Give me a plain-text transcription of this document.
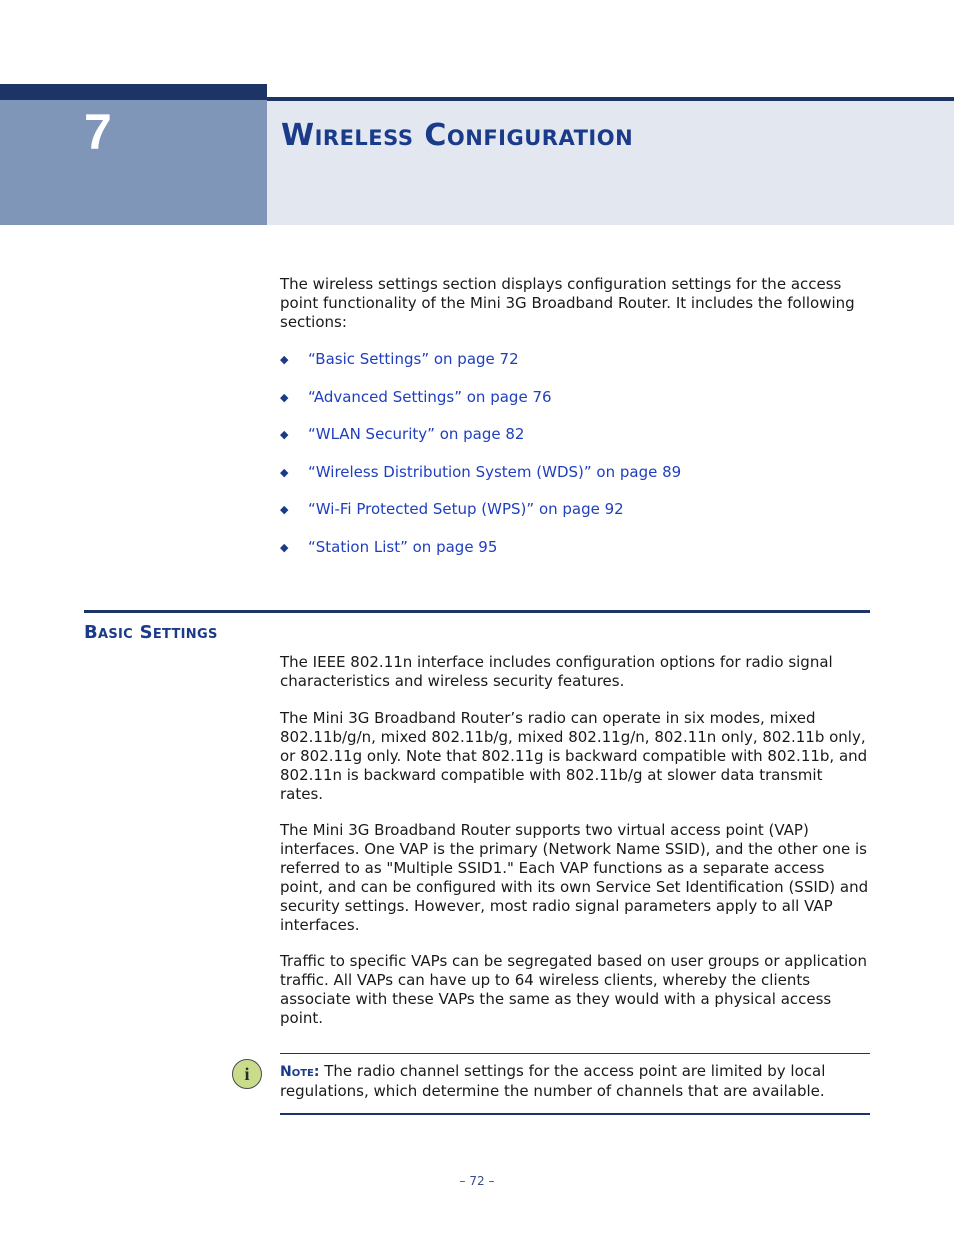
7	Wireless Configuration
The wireless settings section displays configuration settings for the access point functionality of the Mini 3G Broadband Router. It includes the following sections:
◆	“Basic Settings” on page 72
◆	“Advanced Settings” on page 76
◆	“WLAN Security” on page 82
◆	“Wireless Distribution System (WDS)” on page 89
◆	“Wi-Fi Protected Setup (WPS)” on page 92
◆	“Station List” on page 95
Basic Settings
The IEEE 802.11n interface includes configuration options for radio signal characteristics and wireless security features.
The Mini 3G Broadband Router’s radio can operate in six modes, mixed 802.11b/g/n, mixed 802.11b/g, mixed 802.11g/n, 802.11n only, 802.11b only, or 802.11g only. Note that 802.11g is backward compatible with 802.11b, and 802.11n is backward compatible with 802.11b/g at slower data transmit rates.
The Mini 3G Broadband Router supports two virtual access point (VAP) interfaces. One VAP is the primary (Network Name SSID), and the other one is referred to as "Multiple SSID1." Each VAP functions as a separate access point, and can be configured with its own Service Set Identification (SSID) and security settings. However, most radio signal parameters apply to all VAP interfaces.
Traffic to specific VAPs can be segregated based on user groups or application traffic. All VAPs can have up to 64 wireless clients, whereby the clients associate with these VAPs the same as they would with a physical access point.
i	Note: The radio channel settings for the access point are limited by local regulations, which determine the number of channels that are available.
– 72 –
